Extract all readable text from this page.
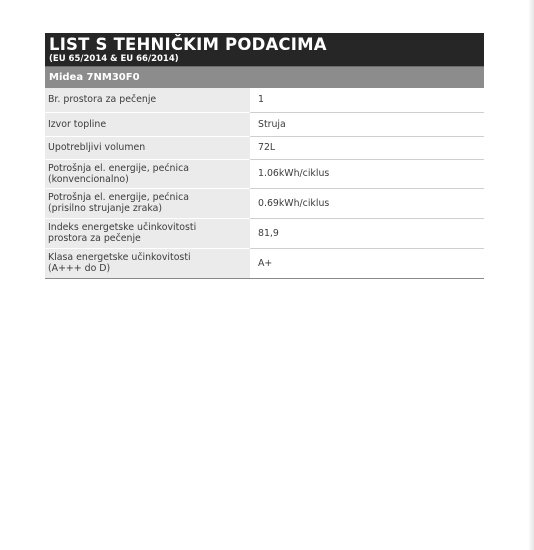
LIST S TEHNIČKIM PODACIMA
(EU 65/2014 & EU 66/2014)
Midea 7NM30F0
Br. prostora za pečenje	1

Izvor topline	Struja

Upotrebljivi volumen	72L

Potrošnja el. energije, pećnica
(konvencionalno)	1.06kWh/ciklus

Potrošnja el. energije, pećnica
(prisilno strujanje zraka)	0.69kWh/ciklus

Indeks energetske učinkovitosti
prostora za pečenje	81,9

Klasa energetske učinkovitosti
(A+++ do D)	A+
